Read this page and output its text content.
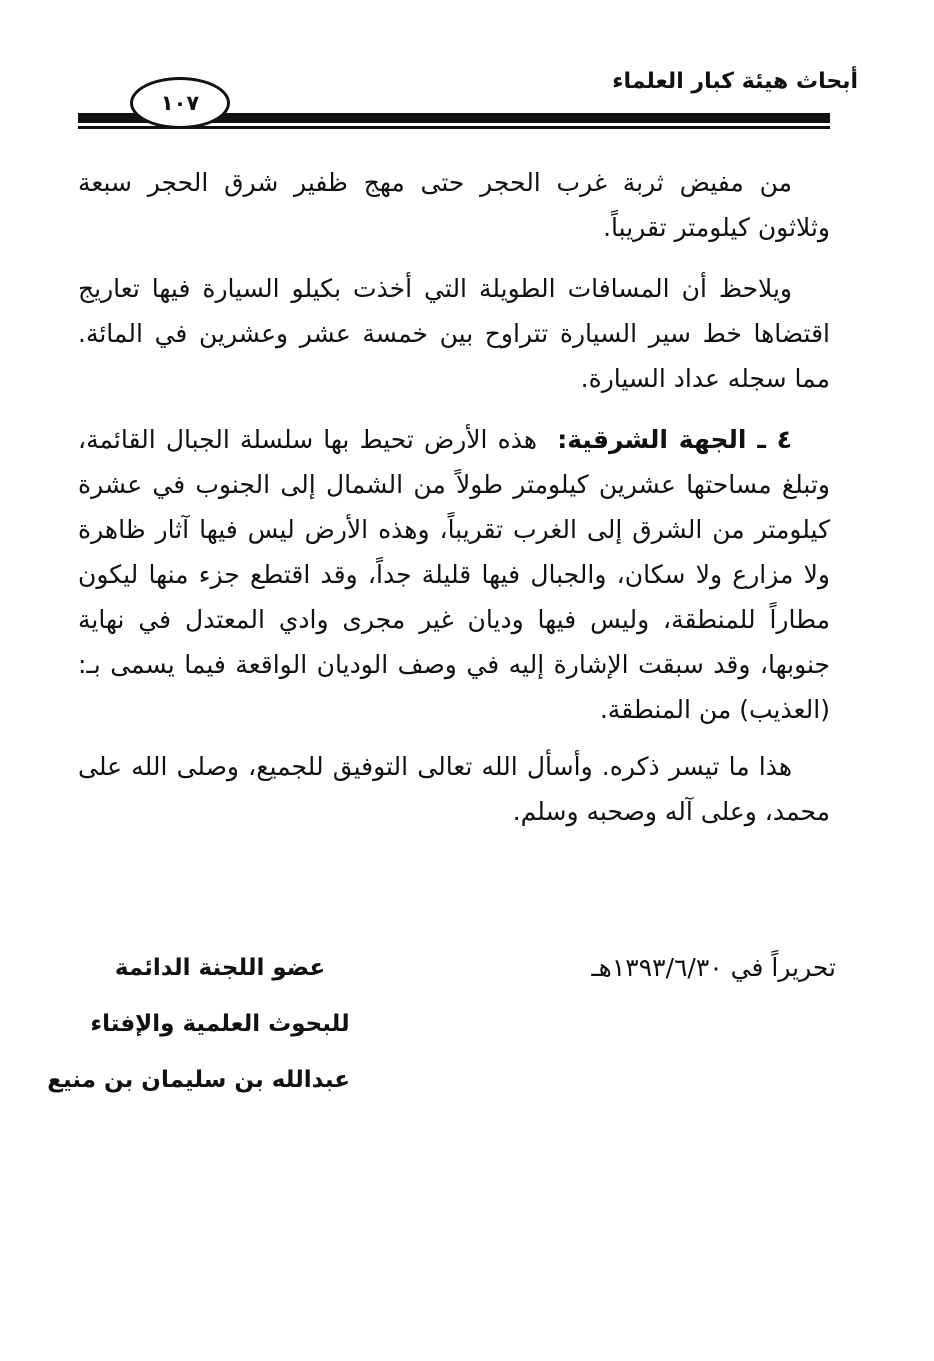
أبحاث هيئة كبار العلماء
١٠٧

من مفيض ثربة غرب الحجر حتى مهج ظفير شرق الحجر سبعة وثلاثون كيلومتر تقريباً.

ويلاحظ أن المسافات الطويلة التي أخذت بكيلو السيارة فيها تعاريج اقتضاها خط سير السيارة تتراوح بين خمسة عشر وعشرين في المائة. مما سجله عداد السيارة.

٤ ـ الجهة الشرقية:  هذه الأرض تحيط بها سلسلة الجبال القائمة، وتبلغ مساحتها عشرين كيلومتر طولاً من الشمال إلى الجنوب في عشرة كيلومتر من الشرق إلى الغرب تقريباً، وهذه الأرض ليس فيها آثار ظاهرة ولا مزارع ولا سكان، والجبال فيها قليلة جداً، وقد اقتطع جزء منها ليكون مطاراً للمنطقة، وليس فيها وديان غير مجرى وادي المعتدل في نهاية جنوبها، وقد سبقت الإشارة إليه في وصف الوديان الواقعة فيما يسمى بـ: (العذيب) من المنطقة.

هذا ما تيسر ذكره. وأسأل الله تعالى التوفيق للجميع، وصلى الله على محمد، وعلى آله وصحبه وسلم.

تحريراً في ١٣٩٣/٦/٣٠هـ
عضو اللجنة الدائمة
للبحوث العلمية والإفتاء
عبدالله بن سليمان بن منيع
